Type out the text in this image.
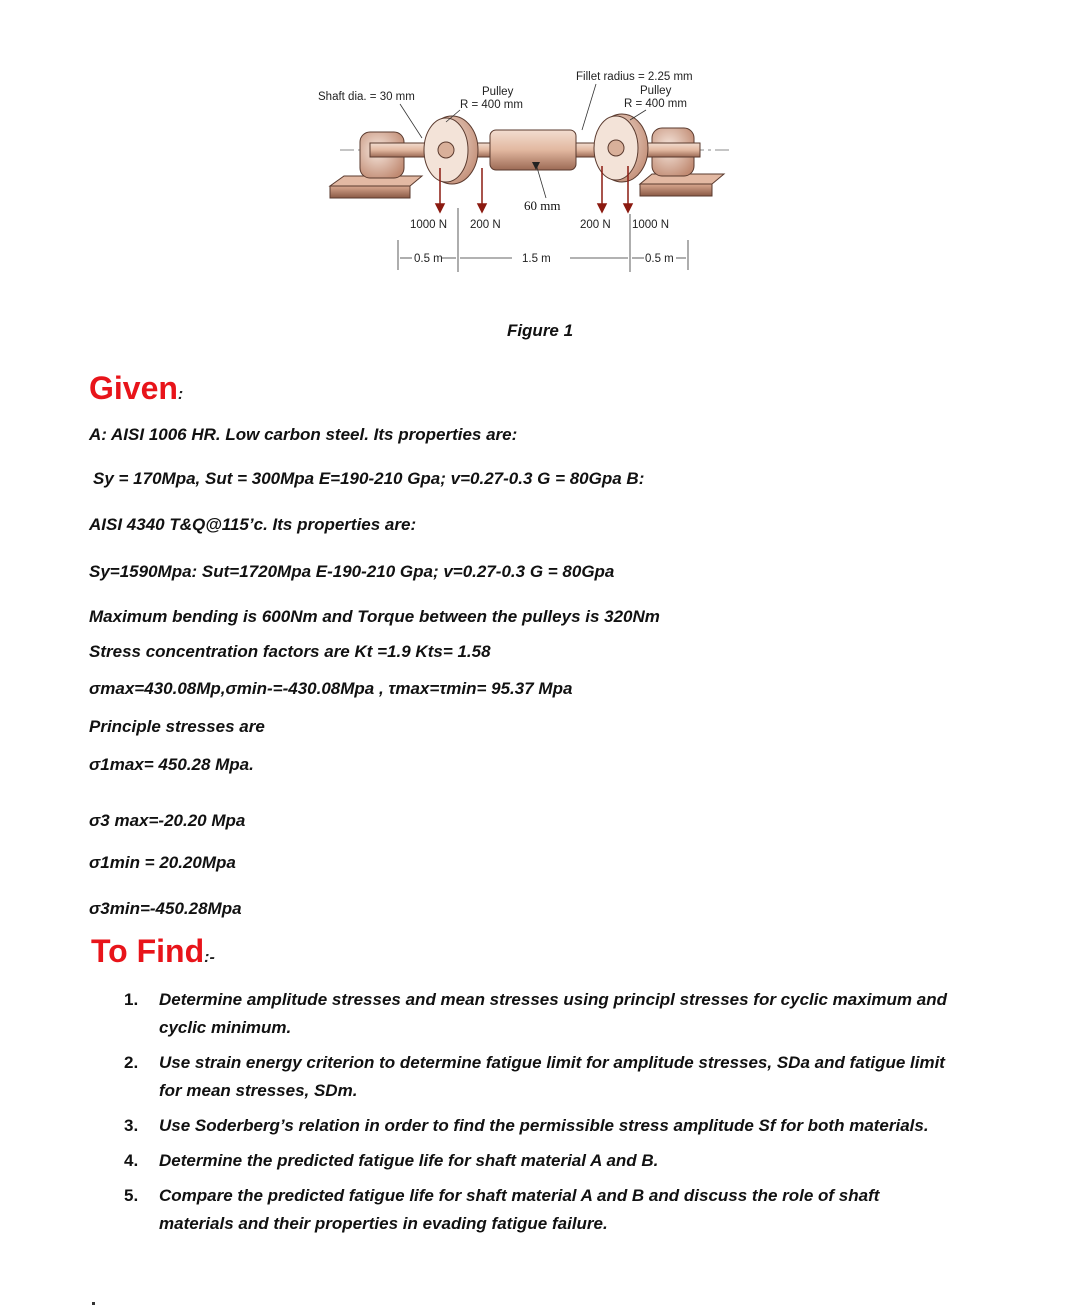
Shaft dia. = 30 mm	Pulley
R = 400 mm
Fillet radius = 2.25 mm
Pulley
R = 400 mm
60 mm
1000 N 200 N	200 N 1000 N
0.5 m	1.5 m	0.5 m
Figure 1
Given:
A: AISI 1006 HR. Low carbon steel. Its properties are:
Sy = 170Mpa, Sut = 300Mpa E=190-210 Gpa; v=0.27-0.3 G = 80Gpa B:
AISI 4340 T&Q@115’c. Its properties are:
Sy=1590Mpa: Sut=1720Mpa E-190-210 Gpa; v=0.27-0.3 G = 80Gpa
Maximum bending is 600Nm and Torque between the pulleys is 320Nm
Stress concentration factors are Kt =1.9 Kts= 1.58
σmax=430.08Mp,σmin-=-430.08Mpa , τmax=τmin= 95.37 Mpa
Principle stresses are
σ1max= 450.28 Mpa.
σ3 max=-20.20 Mpa
σ1min = 20.20Mpa
σ3min=-450.28Mpa
To Find:-
1. Determine amplitude stresses and mean stresses using principl stresses for cyclic maximum and cyclic minimum.
2. Use strain energy criterion to determine fatigue limit for amplitude stresses, SDa and fatigue limit for mean stresses, SDm.
3. Use Soderberg’s relation in order to find the permissible stress amplitude Sf for both materials.
4. Determine the predicted fatigue life for shaft material A and B.
5. Compare the predicted fatigue life for shaft material A and B and discuss the role of shaft materials and their properties in evading fatigue failure.
